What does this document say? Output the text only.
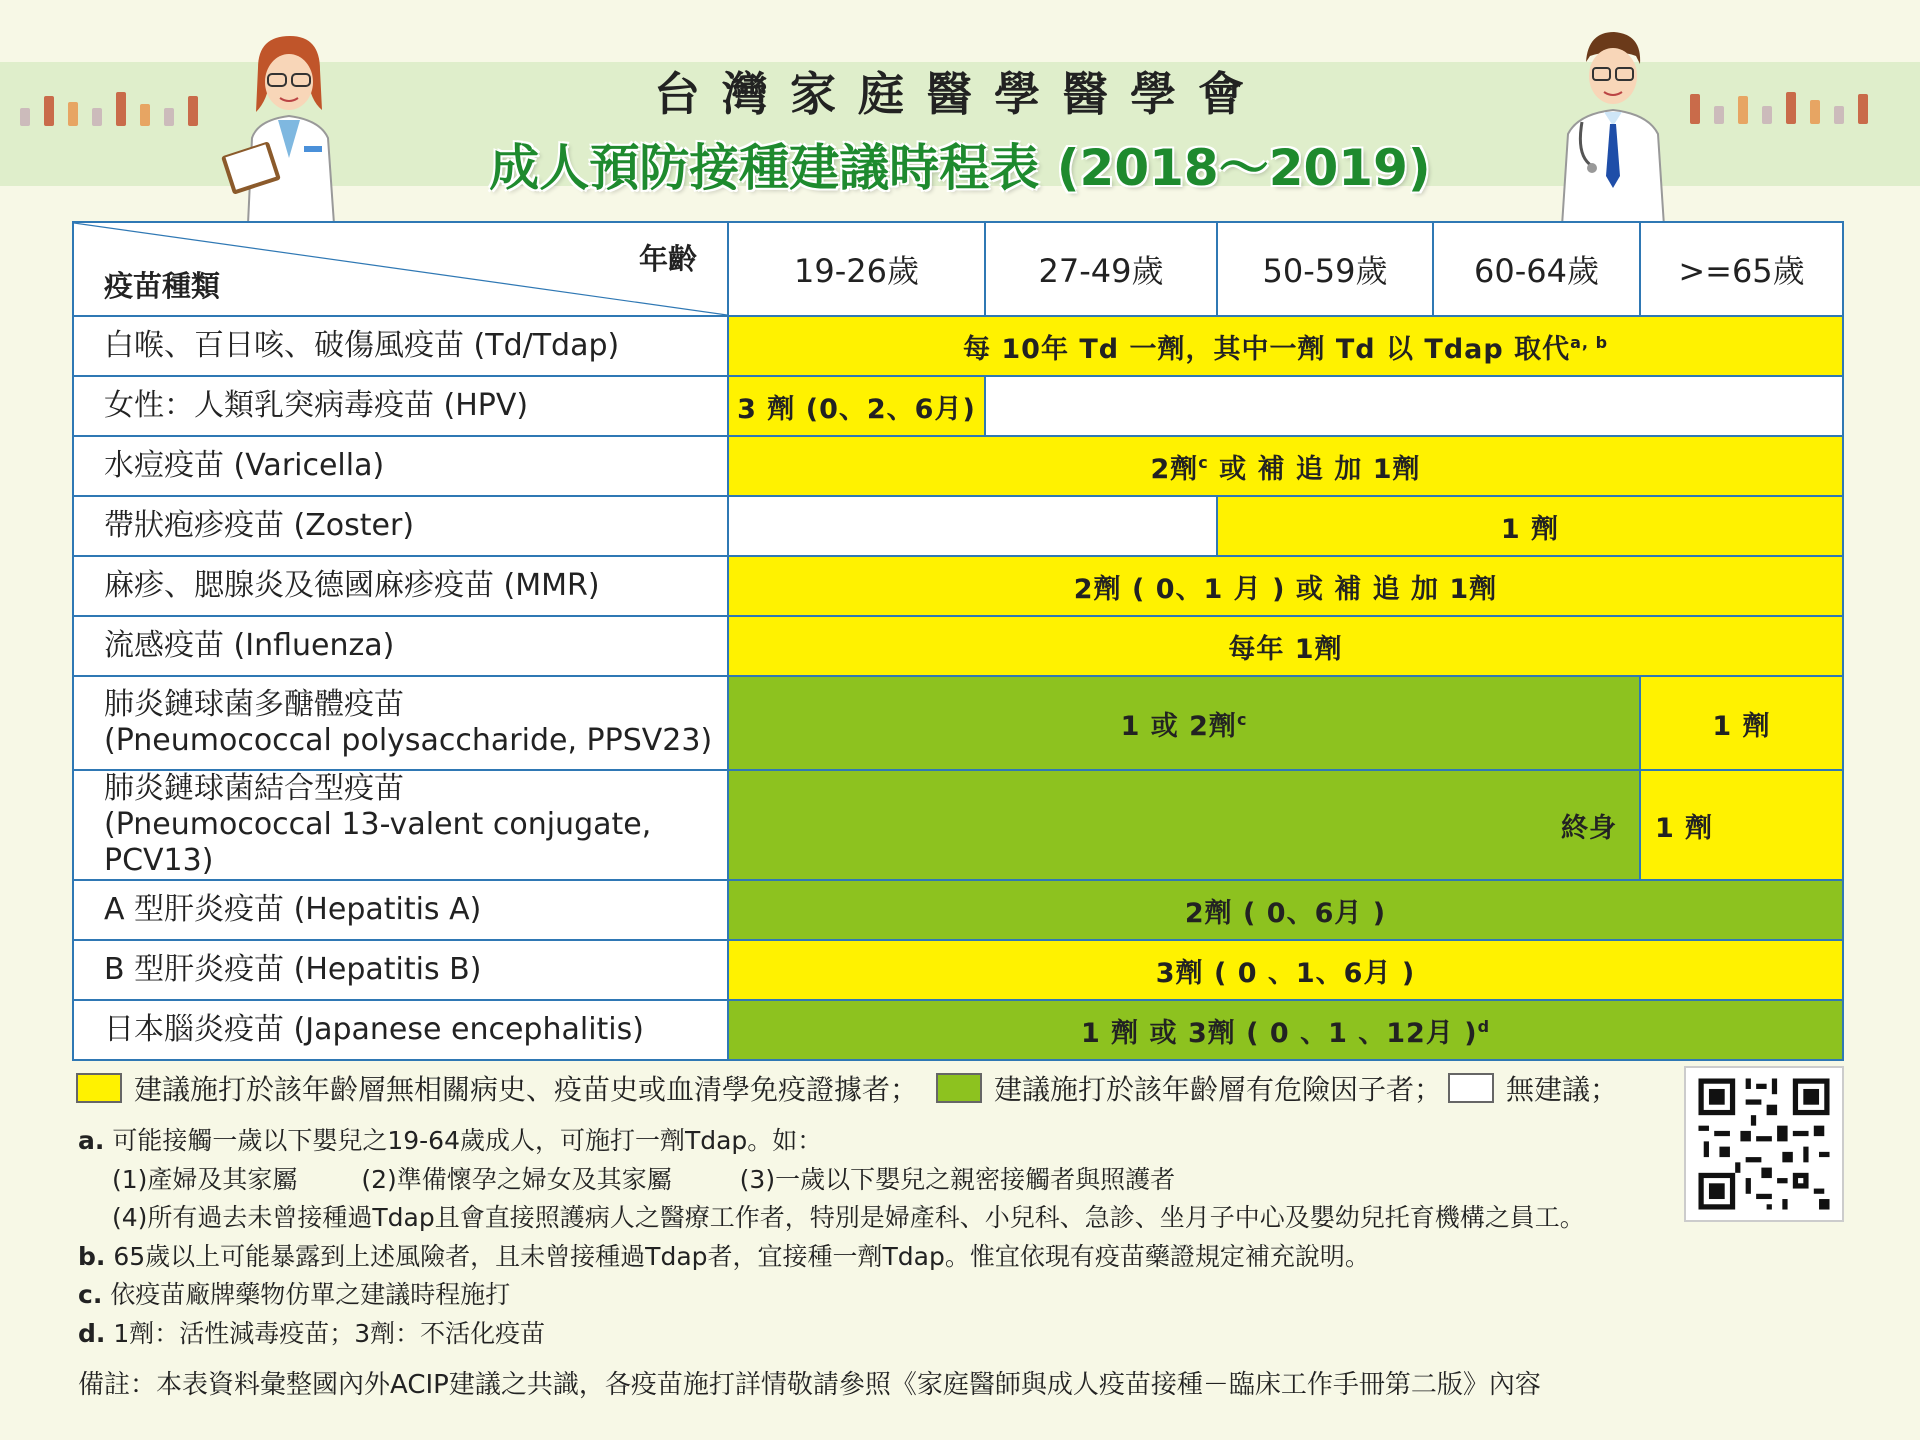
台灣家庭醫學醫學會
成人預防接種建議時程表 (2018～2019)
年齡
疫苗種類	19-26歲	27-49歲	50-59歲	60-64歲	>=65歲
白喉、百日咳、破傷風疫苗 (Td/Tdap)	每 10年 Td 一劑，其中一劑 Td 以 Tdap 取代$^{a, b}$
女性：人類乳突病毒疫苗 (HPV)	3 劑 (0、2、6月)				
水痘疫苗 (Varicella)	2劑$^c$ 或 補 追 加 1劑				
帶狀疱疹疫苗 (Zoster)			1 劑		
麻疹、腮腺炎及德國麻疹疫苗 (MMR)	2劑 ( 0、1 月 ) 或 補 追 加 1劑				
流感疫苗 (Influenza)	每年 1劑				

肺炎鏈球菌多醣體疫苗
(Pneumococcal polysaccharide, PPSV23)	1 或 2劑$^c$				1 劑

肺炎鏈球菌結合型疫苗
(Pneumococcal 13-valent conjugate, PCV13)	終身				1 劑
A 型肝炎疫苗 (Hepatitis A)	2劑 ( 0、6月 )				
B 型肝炎疫苗 (Hepatitis B)	3劑 ( 0 、1、6月 )				
日本腦炎疫苗 (Japanese encephalitis)	1 劑 或 3劑 ( 0 、1 、12月 )$^d$
建議施打於該年齡層無相關病史、疫苗史或血清學免疫證據者；	建議施打於該年齡層有危險因子者； 無建議；
a. 可能接觸一歲以下嬰兒之19-64歲成人，可施打一劑Tdap。如：
(1)產婦及其家屬	(2)準備懷孕之婦女及其家屬	(3)一歲以下嬰兒之親密接觸者與照護者
(4)所有過去未曾接種過Tdap且會直接照護病人之醫療工作者，特別是婦產科、小兒科、急診、坐月子中心及嬰幼兒托育機構之員工。
b. 65歲以上可能暴露到上述風險者，且未曾接種過Tdap者，宜接種一劑Tdap。惟宜依現有疫苗藥證規定補充說明。
c. 依疫苗廠牌藥物仿單之建議時程施打
d. 1劑：活性減毒疫苗；3劑：不活化疫苗
備註：本表資料彙整國內外ACIP建議之共識，各疫苗施打詳情敬請參照《家庭醫師與成人疫苗接種－臨床工作手冊第二版》內容
